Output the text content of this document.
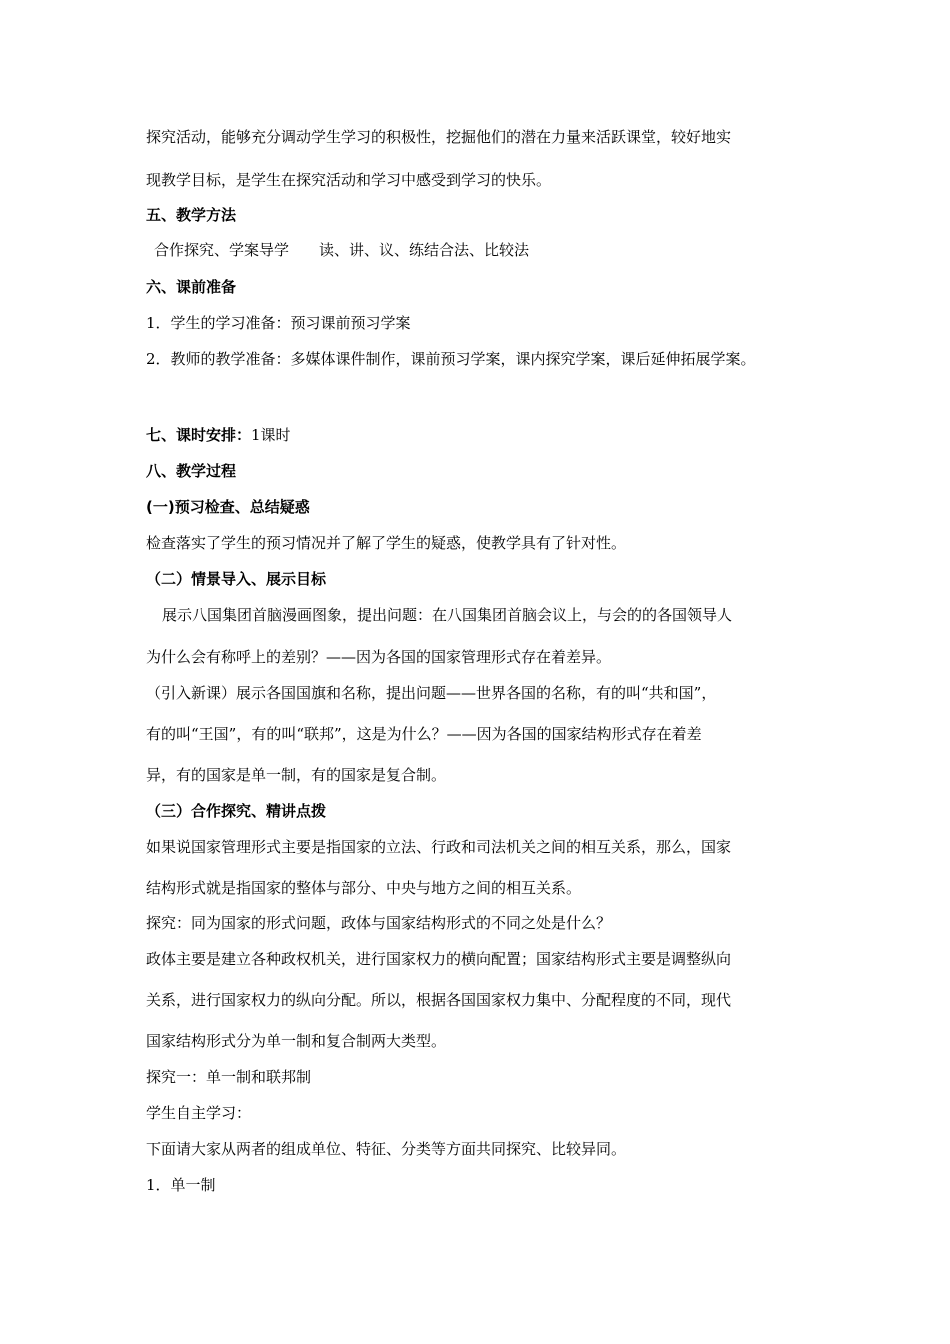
探究活动，能够充分调动学生学习的积极性，挖掘他们的潜在力量来活跃课堂，较好地实
现教学目标，是学生在探究活动和学习中感受到学习的快乐。
五、教学方法
合作探究、学案导学　　读、讲、议、练结合法、比较法
六、课前准备
1．学生的学习准备：预习课前预习学案
2．教师的教学准备：多媒体课件制作，课前预习学案，课内探究学案，课后延伸拓展学案。
七、课时安排：1课时
八、教学过程
(一)预习检查、总结疑惑
检查落实了学生的预习情况并了解了学生的疑惑，使教学具有了针对性。
（二）情景导入、展示目标
展示八国集团首脑漫画图象，提出问题：在八国集团首脑会议上，与会的的各国领导人
为什么会有称呼上的差别？——因为各国的国家管理形式存在着差异。
（引入新课）展示各国国旗和名称，提出问题——世界各国的名称，有的叫“共和国”，
有的叫“王国”，有的叫“联邦”，这是为什么？——因为各国的国家结构形式存在着差
异，有的国家是单一制，有的国家是复合制。
（三）合作探究、精讲点拨
如果说国家管理形式主要是指国家的立法、行政和司法机关之间的相互关系，那么，国家
结构形式就是指国家的整体与部分、中央与地方之间的相互关系。
探究：同为国家的形式问题，政体与国家结构形式的不同之处是什么？
政体主要是建立各种政权机关，进行国家权力的横向配置；国家结构形式主要是调整纵向
关系，进行国家权力的纵向分配。所以，根据各国国家权力集中、分配程度的不同，现代
国家结构形式分为单一制和复合制两大类型。
探究一：单一制和联邦制
学生自主学习：
下面请大家从两者的组成单位、特征、分类等方面共同探究、比较异同。
1．单一制
